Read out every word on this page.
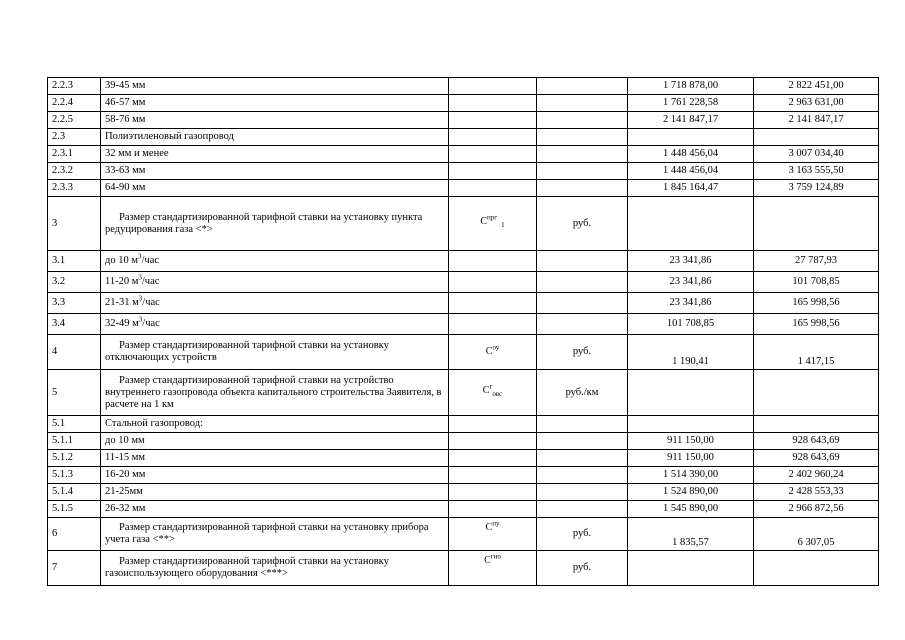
2.2.3	39-45 мм			1 718 878,00	2 822 451,00
2.2.4	46-57 мм			1 761 228,58	2 963 631,00
2.2.5	58-76 мм			2 141 847,17	2 141 847,17
2.3	Полиэтиленовый газопровод				
2.3.1	32 мм и менее			1 448 456,04	3 007 034,40
2.3.2	33-63 мм			1 448 456,04	3 163 555,50
2.3.3	64-90 мм			1 845 164,47	3 759 124,89
3	Размер стандартизированной тарифной ставки на установку пункта редуцирования газа <*>	$C^{прг}_1$	руб.		
3.1	до 10 $м^3$/час			23 341,86	27 787,93
3.2	11-20 $м^3$/час			23 341,86	101 708,85
3.3	21-31 $м^3$/час			23 341,86	165 998,56
3.4	32-49 $м^3$/час			101 708,85	165 998,56
4	Размер стандартизированной тарифной ставки на установку отключающих устройств	$C^{оу}$	руб.	1 190,41	1 417,15
5	Размер стандартизированной тарифной ставки на устройство внутреннего газопровода объекта капитального строительства Заявителя, в расчете на 1 км	$C^г_{овс}$	руб./км		
5.1	Стальной газопровод:				
5.1.1	до 10 мм			911 150,00	928 643,69
5.1.2	11-15 мм			911 150,00	928 643,69
5.1.3	16-20 мм			1 514 390,00	2 402 960,24
5.1.4	21-25мм			1 524 890,00	2 428 553,33
5.1.5	26-32 мм			1 545 890,00	2 966 872,56
6	Размер стандартизированной тарифной ставки на установку прибора учета газа <**>	$C^{пу}$	руб.	1 835,57	6 307,05
7	Размер стандартизированной тарифной ставки на установку газоиспользующего оборудования <***>	$C^{гио}$	руб.		
